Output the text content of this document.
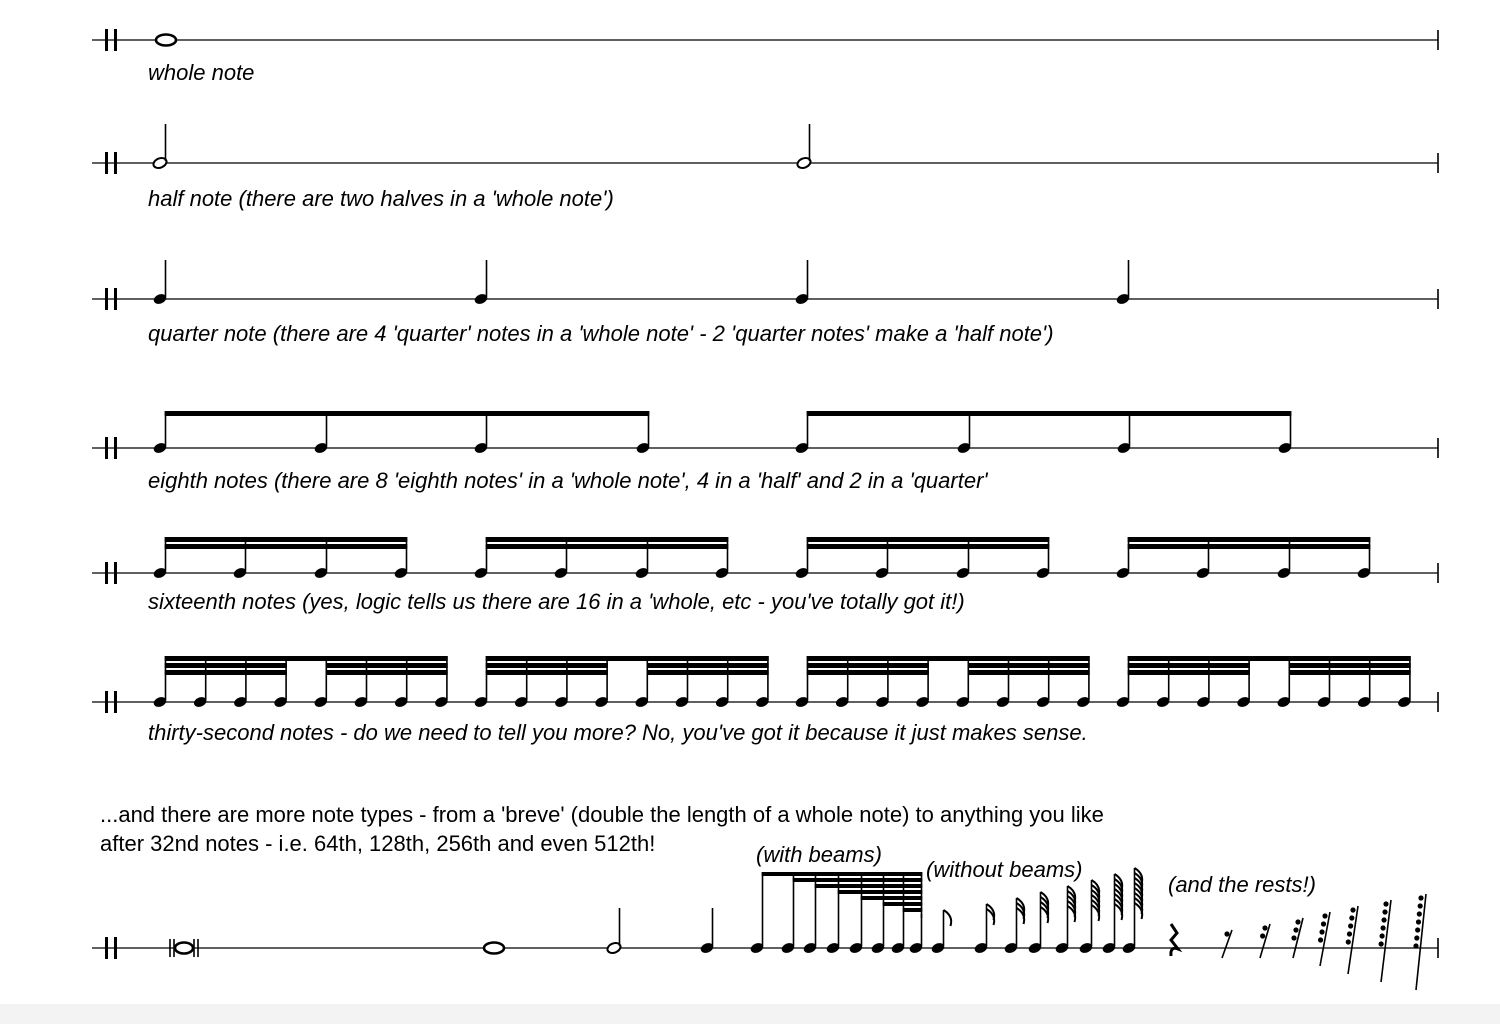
whole note
half note (there are two halves in a 'whole note')
quarter note (there are 4 'quarter' notes in a 'whole note' - 2 'quarter notes' make a 'half note')
eighth notes (there are 8 'eighth notes' in a 'whole note', 4 in a 'half' and 2 in a 'quarter'
sixteenth notes (yes, logic tells us there are 16 in a 'whole, etc - you've totally got it!)
thirty-second notes - do we need to tell you more? No, you've got it because it just makes sense.
...and there are more note types - from a 'breve' (double the length of a whole note) to anything you like
after 32nd notes - i.e. 64th, 128th, 256th and even 512th!	(with beams)
(without beams)
(and the rests!)
